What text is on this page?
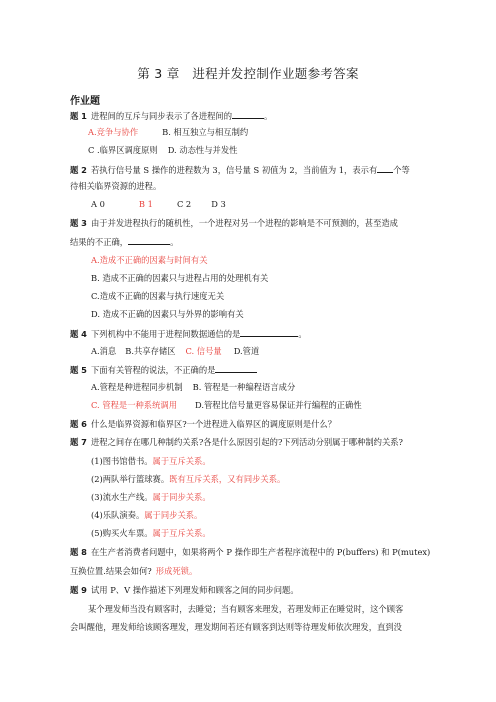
第 3 章　进程并发控制作业题参考答案
作业题
题 1 进程间的互斥与同步表示了各进程间的	。
A.竞争与协作	B. 相互独立与相互制约
C .临界区调度原则 D. 动态性与并发性
题 2 若执行信号量 S 操作的进程数为 3，信号量 S 初值为 2，当前值为 1，表示有 个等
待相关临界资源的进程。
A 0	B 1	C 2 D 3
题 3 由于并发进程执行的随机性，一个进程对另一个进程的影响是不可预测的，甚至造成
结果的不正确，	。
A.造成不正确的因素与时间有关
B. 造成不正确的因素只与进程占用的处理机有关
C.造成不正确的因素与执行速度无关
D. 造成不正确的因素只与外界的影响有关
题 4 下列机构中不能用于进程间数据通信的是	。
A.消息 B.共享存储区 C. 信号量 D.管道
题 5 下面有关管程的说法，不正确的是
A.管程是种进程同步机制 B. 管程是一种编程语言成分
C. 管程是一种系统调用 D.管程比信号量更容易保证并行编程的正确性
题 6 什么是临界资源和临界区?一个进程进入临界区的调度原则是什么？
题 7 进程之间存在哪几种制约关系?各是什么原因引起的?下列活动分别属于哪种制约关系?
(1)图书馆借书。属于互斥关系。
(2)两队举行篮球赛。既有互斥关系，又有同步关系。
(3)流水生产线。属于同步关系。
(4)乐队演奏。属于同步关系。
(5)购买火车票。属于互斥关系。
题 8 在生产者消费者问题中，如果将两个 P 操作即生产者程序流程中的 P(buffers) 和 P(mutex)
互换位置.结果会如何? 形成死锁。
题 9 试用 P、V 操作描述下列理发师和顾客之间的同步问题。
某个理发师当没有顾客时，去睡觉；当有顾客来理发，若理发师正在睡觉时，这个顾客
会叫醒他，理发师给该顾客理发，理发期间若还有顾客到达则等待理发师依次理发，直到没
